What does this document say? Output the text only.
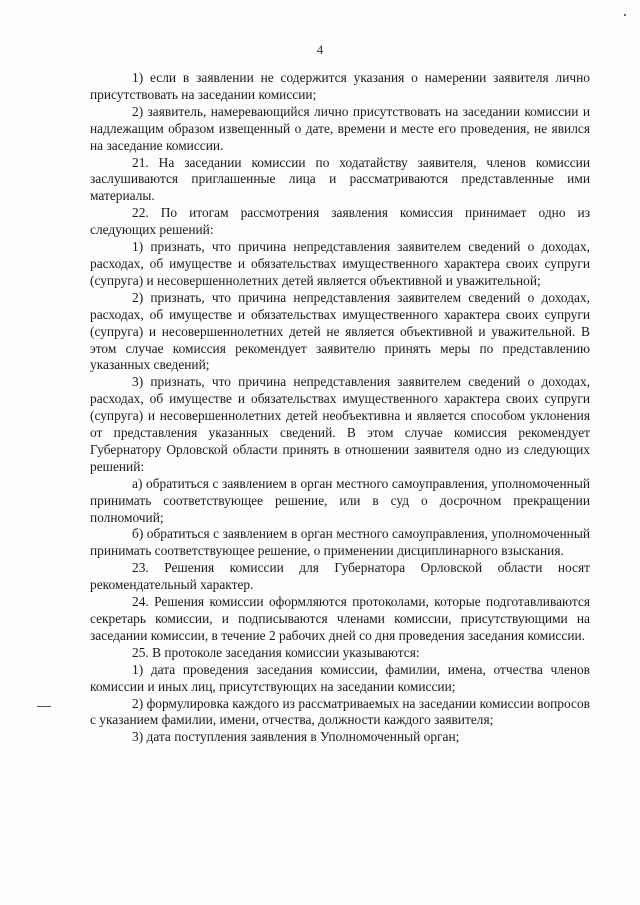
4

1) если в заявлении не содержится указания о намерении заявителя лично присутствовать на заседании комиссии;

2) заявитель, намеревающийся лично присутствовать на заседании комиссии и надлежащим образом извещенный о дате, времени и месте его проведения, не явился на заседание комиссии.

21. На заседании комиссии по ходатайству заявителя, членов комиссии заслушиваются приглашенные лица и рассматриваются представленные ими материалы.

22. По итогам рассмотрения заявления комиссия принимает одно из следующих решений:

1) признать, что причина непредставления заявителем сведений о доходах, расходах, об имуществе и обязательствах имущественного характера своих супруги (супруга) и несовершеннолетних детей является объективной и уважительной;

2) признать, что причина непредставления заявителем сведений о доходах, расходах, об имуществе и обязательствах имущественного характера своих супруги (супруга) и несовершеннолетних детей не является объективной и уважительной. В этом случае комиссия рекомендует заявителю принять меры по представлению указанных сведений;

3) признать, что причина непредставления заявителем сведений о доходах, расходах, об имуществе и обязательствах имущественного характера своих супруги (супруга) и несовершеннолетних детей необъективна и является способом уклонения от представления указанных сведений. В этом случае комиссия рекомендует Губернатору Орловской области принять в отношении заявителя одно из следующих решений:

а) обратиться с заявлением в орган местного самоуправления, уполномоченный принимать соответствующее решение, или в суд о досрочном прекращении полномочий;

б) обратиться с заявлением в орган местного самоуправления, уполномоченный принимать соответствующее решение, о применении дисциплинарного взыскания.

23. Решения комиссии для Губернатора Орловской области носят рекомендательный характер.

24. Решения комиссии оформляются протоколами, которые подготавливаются секретарь комиссии, и подписываются членами комиссии, присутствующими на заседании комиссии, в течение 2 рабочих дней со дня проведения заседания комиссии.

25. В протоколе заседания комиссии указываются:

1) дата проведения заседания комиссии, фамилии, имена, отчества членов комиссии и иных лиц, присутствующих на заседании комиссии;

2) формулировка каждого из рассматриваемых на заседании комиссии вопросов с указанием фамилии, имени, отчества, должности каждого заявителя;

3) дата поступления заявления в Уполномоченный орган;
